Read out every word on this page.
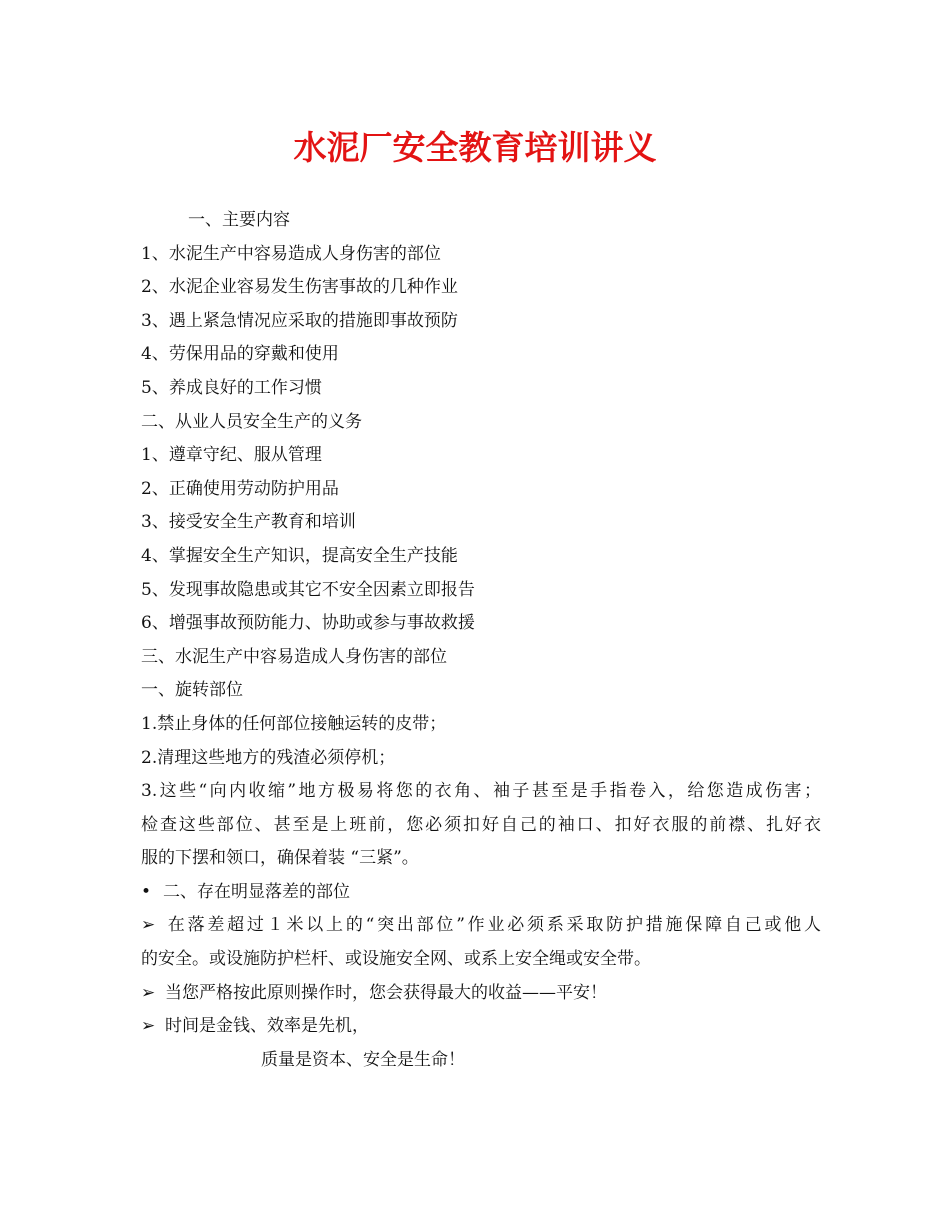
水泥厂安全教育培训讲义
一、主要内容
1、水泥生产中容易造成人身伤害的部位
2、水泥企业容易发生伤害事故的几种作业
3、遇上紧急情况应采取的措施即事故预防
4、劳保用品的穿戴和使用
5、养成良好的工作习惯
二、从业人员安全生产的义务
1、遵章守纪、服从管理
2、正确使用劳动防护用品
3、接受安全生产教育和培训
4、掌握安全生产知识，提高安全生产技能
5、发现事故隐患或其它不安全因素立即报告
6、增强事故预防能力、协助或参与事故救援
三、水泥生产中容易造成人身伤害的部位
一、旋转部位
1.禁止身体的任何部位接触运转的皮带；
2.清理这些地方的残渣必须停机；
3.这些“向内收缩”地方极易将您的衣角、袖子甚至是手指卷入，给您造成伤害；
检查这些部位、甚至是上班前，您必须扣好自己的袖口、扣好衣服的前襟、扎好衣
服的下摆和领口，确保着装 “三紧”。
• 二、存在明显落差的部位
➢ 在落差超过１米以上的“突出部位”作业必须系采取防护措施保障自己或他人
的安全。或设施防护栏杆、或设施安全网、或系上安全绳或安全带。
➢ 当您严格按此原则操作时，您会获得最大的收益——平安！
➢ 时间是金钱、效率是先机，
质量是资本、安全是生命！
